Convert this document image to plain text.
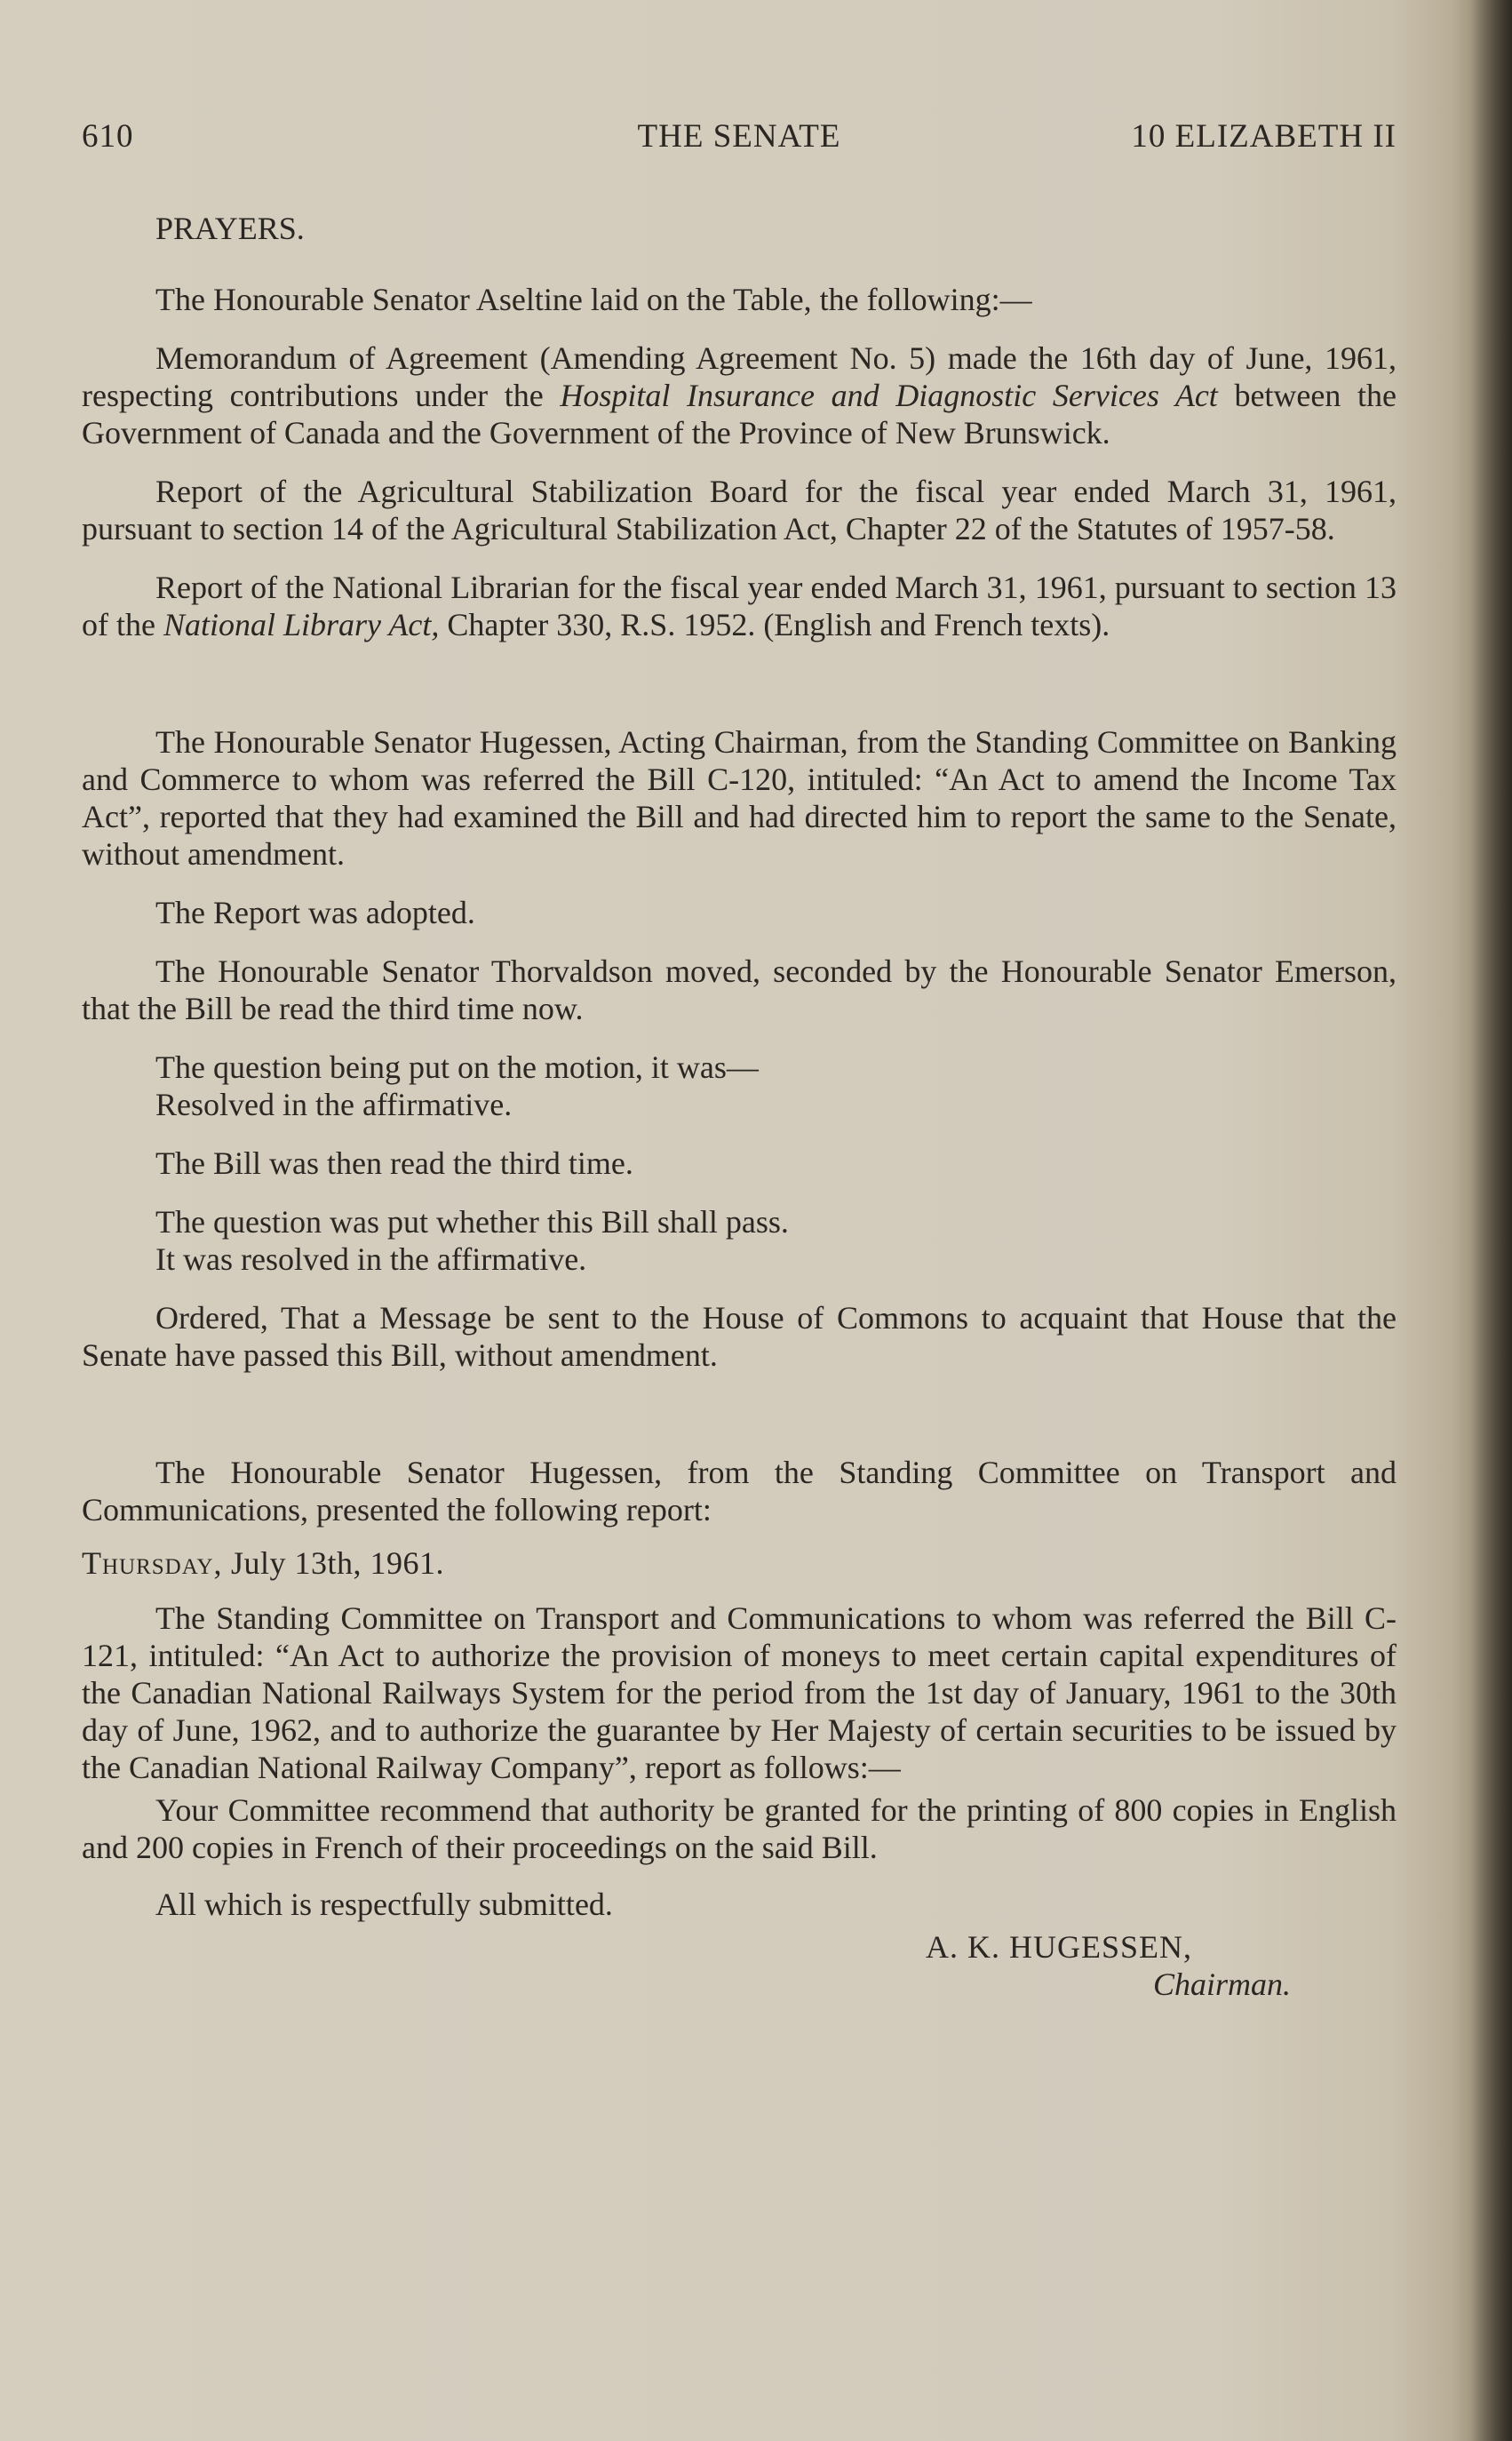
610	THE SENATE	10 ELIZABETH II

PRAYERS.

The Honourable Senator Aseltine laid on the Table, the following:—

Memorandum of Agreement (Amending Agreement No. 5) made the 16th day of June, 1961, respecting contributions under the Hospital Insurance and Diagnostic Services Act between the Government of Canada and the Government of the Province of New Brunswick.

Report of the Agricultural Stabilization Board for the fiscal year ended March 31, 1961, pursuant to section 14 of the Agricultural Stabilization Act, Chapter 22 of the Statutes of 1957-58.

Report of the National Librarian for the fiscal year ended March 31, 1961, pursuant to section 13 of the National Library Act, Chapter 330, R.S. 1952. (English and French texts).

The Honourable Senator Hugessen, Acting Chairman, from the Standing Committee on Banking and Commerce to whom was referred the Bill C-120, intituled: “An Act to amend the Income Tax Act”, reported that they had examined the Bill and had directed him to report the same to the Senate, without amendment.

The Report was adopted.

The Honourable Senator Thorvaldson moved, seconded by the Honourable Senator Emerson, that the Bill be read the third time now.

The question being put on the motion, it was—
Resolved in the affirmative.

The Bill was then read the third time.

The question was put whether this Bill shall pass.
It was resolved in the affirmative.

Ordered, That a Message be sent to the House of Commons to acquaint that House that the Senate have passed this Bill, without amendment.

The Honourable Senator Hugessen, from the Standing Committee on Transport and Communications, presented the following report:

Thursday, July 13th, 1961.

The Standing Committee on Transport and Communications to whom was referred the Bill C-121, intituled: “An Act to authorize the provision of moneys to meet certain capital expenditures of the Canadian National Railways System for the period from the 1st day of January, 1961 to the 30th day of June, 1962, and to authorize the guarantee by Her Majesty of certain securities to be issued by the Canadian National Railway Company”, report as follows:—

Your Committee recommend that authority be granted for the printing of 800 copies in English and 200 copies in French of their proceedings on the said Bill.

All which is respectfully submitted.

A. K. HUGESSEN,

Chairman.
